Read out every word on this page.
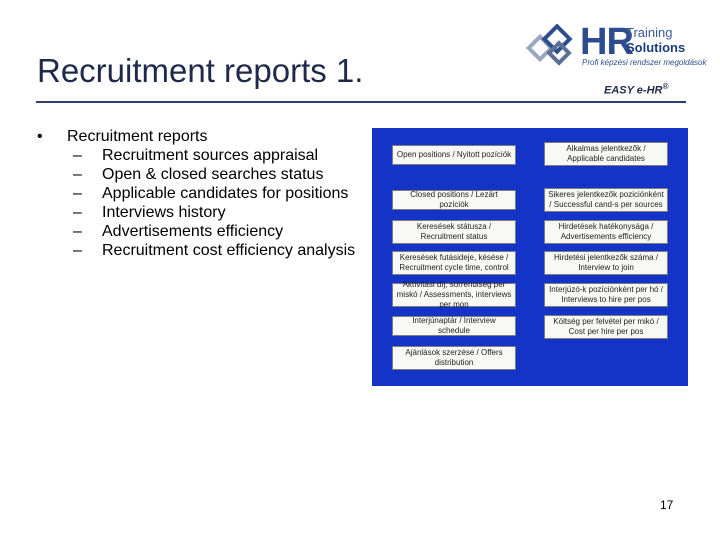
Recruitment reports 1.
HR
Training
Solutions
Profi képzési rendszer megoldások
EASY e-HR®
• Recruitment reports
– Recruitment sources appraisal
– Open & closed searches status
– Applicable candidates for positions
– Interviews history
– Advertisements efficiency
– Recruitment cost efficiency analysis
Open positions / Nyitott pozíciók
Closed positions / Lezárt pozíciók
Keresések státusza / Recruitment status
Keresések futásideje, késése / Recruitment cycle time, control
Aktívitási díj, sorrendiség per miskó / Assessments, interviews per mon
Interjúnaptár / Interview schedule
Ajánlások szerzése / Offers distribution
Alkalmas jelentkezők / Applicable candidates
Sikeres jelentkezők poziciónként / Successful cand-s per sources
Hirdetések hatékonysága / Advertisements efficiency
Hirdetési jelentkezők száma / Interview to join
Interjúzó-k pozíciónként per hó / Interviews to hire per pos
Költség per felvétel per mikó / Cost per hire per pos
17
